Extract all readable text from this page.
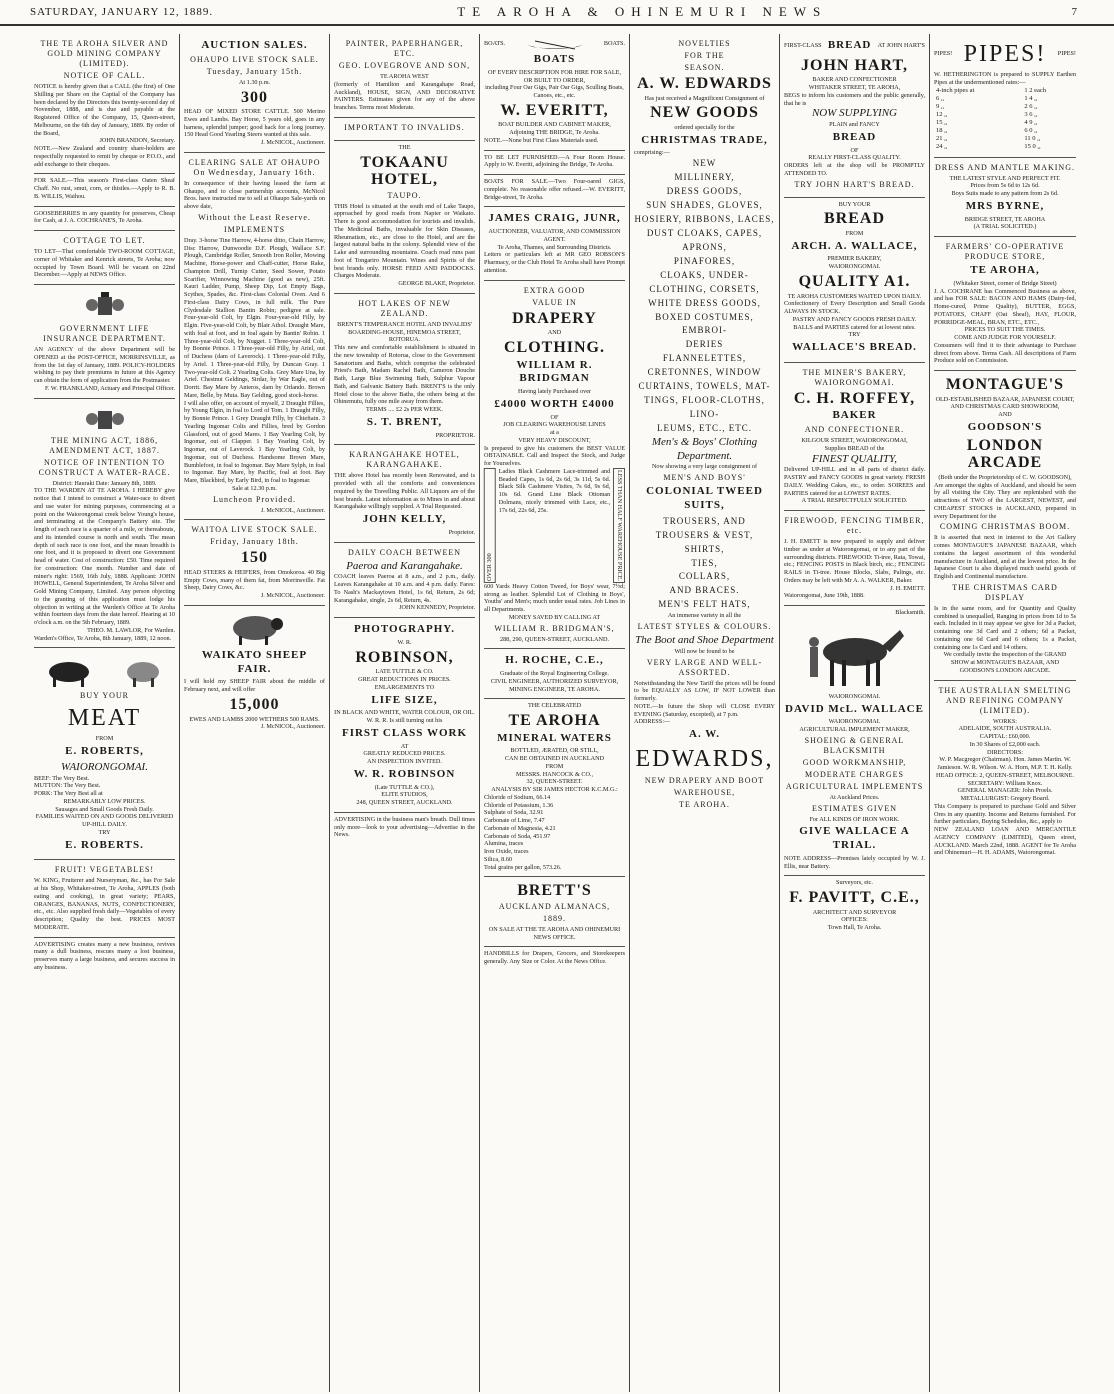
SATURDAY, JANUARY 12, 1889.	TE AROHA & OHINEMURI NEWS	7
THE TE AROHA SILVER AND GOLD MINING COMPANY (LIMITED).
NOTICE OF CALL.

NOTICE is hereby given that a CALL (the first) of One Shilling per Share on the Capital of the Company has been declared by the Directors this twenty-second day of November, 1888, and is due and payable at the Registered Office of the Company, 15, Queen-street, Melbourne, on the 6th day of January, 1889. By order of the Board,

JOHN BRANDON, Secretary.

NOTE.—New Zealand and country share-holders are respectfully requested to remit by cheque or P.O.O., and add exchange to their cheques.

FOR SALE.—This season's First-class Oaten Sheaf Chaff. No rust, smut, corn, or thistles.—Apply to R. B. B. WILLIS, Waihou.

GOOSEBERRIES in any quantity for preserves, Cheap for Cash, at J. A. COCHRANE'S, Te Aroha.

COTTAGE TO LET.

TO LET—That comfortable TWO-ROOM COTTAGE, corner of Whitaker and Kenrick streets, Te Aroha; now occupied by Town Board. Will be vacant on 22nd December.—Apply at NEWS Office.

GOVERNMENT LIFE INSURANCE DEPARTMENT.

AN AGENCY of the above Department will be OPENED at the POST-OFFICE, MORRINSVILLE, as from the 1st day of January, 1889. POLICY-HOLDERS wishing to pay their premiums in future at this Agency can obtain the form of application from the Postmaster.

F. W. FRANKLAND, Actuary and Principal Officer.
THE MINING ACT, 1886, AMENDMENT ACT, 1887.
NOTICE OF INTENTION TO CONSTRUCT A WATER-RACE.
District: Hauraki Date: January 8th, 1889.

TO THE WARDEN AT TE AROHA. I HEREBY give notice that I intend to construct a Water-race to divert and use water for mining purposes, commencing at a point on the Waiorongomai creek below Young's house, and terminating at the Company's Battery site. The length of such race is a quarter of a mile, or thereabouts, and its intended course is north and south. The mean depth of such race is one foot, and the mean breadth is one foot, and it is proposed to divert one Government head of water. Cost of construction: £50. Time required for construction: One month. Number and date of miner's right: 1569, 16th July, 1888. Applicant: JOHN HOWELL, General Superintendent, Te Aroha Silver and Gold Mining Company, Limited. Any person objecting to the granting of this application must lodge his objection in writing at the Warden's Office at Te Aroha within fourteen days from the date hereof. Hearing at 10 o'clock a.m. on the 5th February, 1889.

THEO. M. LAWLOR, For Warden.

Warden's Office, Te Aroha, 8th January, 1889, 12 noon.

BUY YOUR
MEAT
FROM
E. ROBERTS,
WAIORONGOMAI.

BEEF: The Very Best.

MUTTON: The Very Best.

PORK: The Very Best all at

REMARKABLY LOW PRICES.
Sausages and Small Goods Fresh Daily.
FAMILIES WAITED ON AND GOODS DELIVERED UP-HILL DAILY.
TRY
E. ROBERTS.
FRUIT! VEGETABLES!

W. KING, Fruiterer and Nurseryman, &c., has For Sale at his Shop, Whitaker-street, Te Aroha, APPLES (both eating and cooking), in great variety; PEARS, ORANGES, BANANAS, NUTS, CONFECTIONERY, etc., etc. Also supplied fresh daily—Vegetables of every description; Quality the best. PRICES MOST MODERATE.

ADVERTISING creates many a new business, revives many a dull business, rescues many a lost business, preserves many a large business, and secures success in any business.

AUCTION SALES.
OHAUPO LIVE STOCK SALE.
Tuesday, January 15th.
At 1.30 p.m.
300

HEAD OF MIXED STORE CATTLE. 500 Merino Ewes and Lambs. Bay Horse, 5 years old, goes in any harness, splendid jumper; good hack for a long journey. 150 Head Good Yearling Steers wanted at this sale.

J. McNICOL, Auctioneer.
CLEARING SALE AT OHAUPO On Wednesday, January 16th.

In consequence of their having leased the farm at Ohaupo, and to close partnership accounts, McNicol Bros. have instructed me to sell at Ohaupo Sale-yards on above date,

Without the Least Reserve.
IMPLEMENTS

Dray. 3-horse Tine Harrow, 4-horse ditto, Chain Harrow, Disc Harrow, Dunwoodie D.F. Plough, Wallace S.F. Plough, Cambridge Roller, Smooth Iron Roller, Mowing Machine, Horse-power and Chaff-cutter, Horse Rake, Champion Drill, Turnip Cutter, Seed Sower, Potato Scarifier, Winnowing Machine (good as new), 25ft. Kauri Ladder, Pump, Sheep Dip, Lot Empty Bags, Scythes, Spades, &c. First-class Colonial Oven. And 6 First-class Dairy Cows, in full milk. The Pure Clydesdale Stallion Bantin Robin; pedigree at sale. Four-year-old Colt, by Elgin. Four-year-old Filly, by Elgin. Five-year-old Colt, by Blair Athol. Draught Mare, with foal at foot, and in foal again by Bantin' Robin. 1 Three-year-old Colt, by Nugget. 1 Three-year-old Colt, by Bonnie Prince. 1 Three-year-old Filly, by Ariel, out of Duchess (dam of Laverock). 1 Three-year-old Filly, by Ariel. 1 Three-year-old Filly, by Duncan Gray. 1 Two-year-old Colt. 2 Yearling Colts. Grey Mare Una, by Ariel. Chestnut Geldings, Sirdar, by War Eagle, out of Dorrit. Bay Mare by Anteros, dam by Orlando. Brown Mare, Belle, by Muta. Bay Gelding, good stock-horse.

I will also offer, on account of myself, 2 Draught Fillies, by Young Elgin, in foal to Lord of Tom. 1 Draught Filly, by Bonnie Prince. 1 Grey Draught Filly, by Chieftain. 3 Yearling Ingomar Colts and Fillies, bred by Gordon Glassford, out of good Mares. 1 Bay Yearling Colt, by Ingomar, out of Clapper. 1 Bay Yearling Colt, by Ingomar, out of Laverock. 1 Bay Yearling Colt, by Ingomar, out of Duchess. Handsome Brown Mare, Bumblefoot, in foal to Ingomar. Bay Mare Sylph, in foal to Ingomar. Bay Mare, by Pacific, foal at foot. Bay Mare, Blackbird, by Early Bird, in foal to Ingomar.

Sale at 12.30 p.m.
Luncheon Provided.
J. McNICOL, Auctioneer.
WAITOA LIVE STOCK SALE.
Friday, January 18th.
150

HEAD STEERS & HEIFERS, from Omokoroa. 40 Big Empty Cows, many of them fat, from Morrinsville. Fat Sheep, Dairy Cows, &c.

J. McNICOL, Auctioneer.
WAIKATO SHEEP FAIR.

I will hold my SHEEP FAIR about the middle of February next, and will offer

15,000
EWES AND LAMBS 2000 WETHERS 500 RAMS.
J. McNICOL, Auctioneer.
PAINTER, PAPERHANGER, ETC.
GEO. LOVEGROVE AND SON,
TE AROHA WEST

(formerly of Hamilton and Karangahape Road, Auckland), HOUSE, SIGN, AND DECORATIVE PAINTERS. Estimates given for any of the above branches. Terms most Moderate.

IMPORTANT TO INVALIDS.
THE
TOKAANU HOTEL,
TAUPO.

THIS Hotel is situated at the south end of Lake Taupo, approached by good roads from Napier or Waikato. There is good accommodation for tourists and invalids. The Medicinal Baths, invaluable for Skin Diseases, Rheumatism, etc., are close to the Hotel, and are the largest natural baths in the colony. Splendid view of the Lake and surrounding mountains. Coach road runs past foot of Tongariro Mountain. Wines and Spirits of the best brands only. HORSE FEED AND PADDOCKS. Charges Moderate.

GEORGE BLAKE, Proprietor.
HOT LAKES OF NEW ZEALAND.
BRENT'S TEMPERANCE HOTEL AND INVALIDS' BOARDING-HOUSE, HINEMOA STREET, ROTORUA.

This new and comfortable establishment is situated in the new township of Rotorua, close to the Government Sanatorium and Baths, which comprise the celebrated Priest's Bath, Madam Rachel Bath, Cameron Douche Bath, Large Blue Swimming Bath, Sulphur Vapour Bath, and Galvanic Battery Bath. BRENT'S is the only Hotel close to the above Baths, the others being at the Ohinemutu, fully one mile away from them.

TERMS .... £2 2s PER WEEK.
S. T. BRENT,
PROPRIETOR.
KARANGAHAKE HOTEL, KARANGAHAKE.

THE above Hotel has recently been Renovated, and is provided with all the comforts and conveniences required by the Travelling Public. All Liquors are of the best brands. Latest information as to Mines in and about Karangahake willingly supplied. A Trial Requested.

JOHN KELLY,
Proprietor.
DAILY COACH BETWEEN
Paeroa and Karangahake.

COACH leaves Paeroa at 8 a.m., and 2 p.m., daily. Leaves Karangahake at 10 a.m. and 4 p.m. daily. Fares: To Nash's Mackaytown Hotel, 1s 6d, Return, 2s 6d; Karangahake, single, 2s 6d, Return, 4s.

JOHN KENNEDY, Proprietor.
PHOTOGRAPHY.
W. R.
ROBINSON,
LATE TUTTLE & CO.
GREAT REDUCTIONS IN PRICES.
ENLARGEMENTS TO
LIFE SIZE,
IN BLACK AND WHITE, WATER COLOUR, OR OIL.
W. R. R. Is still turning out his
FIRST CLASS WORK
AT
GREATLY REDUCED PRICES.
AN INSPECTION INVITED.
W. R. ROBINSON
(Late TUTTLE & CO.),
ELITE STUDIOS,
248, QUEEN STREET, AUCKLAND.

ADVERTISING in the business man's breath. Dull times only more—look to your advertising—Advertise in the News.

BOATS.	BOATS.
BOATS
OF EVERY DESCRIPTION FOR HIRE FOR SALE, OR BUILT TO ORDER,
including Four Oar Gigs, Pair Oar Gigs, Sculling Boats, Canoes, etc., etc.
W. EVERITT,
BOAT BUILDER AND CABINET MAKER,
Adjoining THE BRIDGE, Te Aroha.

NOTE.—None but First Class Materials used.

TO BE LET FURNISHED.—A Four Room House. Apply to W. Everitt, adjoining the Bridge, Te Aroha.

BOATS FOR SALE.—Two Four-oared GIGS, complete. No reasonable offer refused.—W. EVERITT, Bridge-street, Te Aroha.

JAMES CRAIG, JUNR,
AUCTIONEER, VALUATOR, AND COMMISSION AGENT.
Te Aroha, Thames, and Surrounding Districts.

Letters or particulars left at MR GEO ROBSON'S Pharmacy, or the Club Hotel Te Aroha shall have Prompt attention.

EXTRA GOOD
VALUE IN
DRAPERY
AND
CLOTHING.
WILLIAM R. BRIDGMAN
Having lately Purchased over
£4000 WORTH £4000
OF
JOB CLEARING WAREHOUSE LINES
at a
VERY HEAVY DISCOUNT,

Is prepared to give his customers the BEST VALUE OBTAINABLE. Call and Inspect the Stock, and Judge for Yourselves.

OVER 300

Ladies Black Cashmere Lace-trimmed and Beaded Capes, 1s 6d, 2s 6d, 3s 11d, 5s 6d. Black Silk Cashmere Visites, 7s 6d, 9s 6d, 10s 6d. Grand Line Black Ottoman Dolmans, nicely trimmed with Lace, etc., 17s 6d, 22s 6d, 25s.	LESS THAN HALF WAREHOUSE PRICE.

600 Yards Heavy Cotton Tweed, for Boys' wear, 7½d; strong as leather. Splendid Lot of Clothing in Boys', Youths' and Men's; much under usual rates. Job Lines in all Departments.

MONEY SAVED BY CALLING AT
WILLIAM R. BRIDGMAN'S,
288, 290, QUEEN-STREET, AUCKLAND.
H. ROCHE, C.E.,
Graduate of the Royal Engineering College.
CIVIL ENGINEER, AUTHORIZED SURVEYOR, MINING ENGINEER, TE AROHA.
THE CELEBRATED
TE AROHA
MINERAL WATERS
BOTTLED, ÆRATED, OR STILL,
CAN BE OBTAINED IN AUCKLAND
FROM
MESSRS. HANCOCK & CO.,
32, QUEEN-STREET.
ANALYSIS BY SIR JAMES HECTOR K.C.M.G.:
Chloride of Sodium, 66.14
Chloride of Potassium, 1.36
Sulphate of Soda, 32.91
Carbonate of Lime, 7.47
Carbonate of Magnesia, 4.21
Carbonate of Soda, 451.97
Alumina, traces
Iron Oxide, traces
Silica, 8.60
Total grains per gallon, 573.26.
BRETT'S
AUCKLAND ALMANACS,
1889.
ON SALE AT THE TE AROHA AND OHINEMURI NEWS OFFICE.

HANDBILLS for Drapers, Grocers, and Storekeepers generally. Any Size or Color. At the News Office.

NOVELTIES
FOR THE
SEASON.
A. W. EDWARDS
Has just received a Magnificent Consignment of
NEW GOODS
ordered specially for the
CHRISTMAS TRADE,
comprising:—

NEW

MILLINERY,

DRESS GOODS,

SUN SHADES, GLOVES,

HOSIERY, RIBBONS, LACES,

DUST CLOAKS, CAPES, APRONS,

PINAFORES,

CLOAKS, UNDER-

CLOTHING, CORSETS,

WHITE DRESS GOODS,

BOXED COSTUMES, EMBROI-

DERIES

FLANNELETTES,

CRETONNES, WINDOW

CURTAINS, TOWELS, MAT-

TINGS, FLOOR-CLOTHS, LINO-

LEUMS, ETC., ETC.

Men's & Boys' Clothing Department.
Now showing a very large consignment of
MEN'S AND BOYS'
COLONIAL TWEED SUITS,

TROUSERS, AND

TROUSERS & VEST,

SHIRTS,

TIES,

COLLARS,

AND BRACES.

MEN'S FELT HATS,

An immense variety in all the
LATEST STYLES & COLOURS.
The Boot and Shoe Department
Will now be found to be
VERY LARGE AND WELL-ASSORTED.

Notwithstanding the New Tariff the prices will be found to be EQUALLY AS LOW, IF NOT LOWER than formerly.

NOTE.—In future the Shop will CLOSE EVERY EVENING (Saturday, excepted), at 7 p.m.

ADDRESS:—
A. W.
EDWARDS,
NEW DRAPERY AND BOOT
WAREHOUSE,
TE AROHA.
FIRST-CLASS BREAD AT JOHN HART'S
JOHN HART,
BAKER AND CONFECTIONER
WHITAKER STREET, TE AROHA,

BEGS to inform his customers and the public generally, that he is

NOW SUPPLYING
PLAIN and FANCY
BREAD
OF
REALLY FIRST-CLASS QUALITY.

ORDERS left at the shop will be PROMPTLY ATTENDED TO.

TRY JOHN HART'S BREAD.
BUY YOUR
BREAD
FROM
ARCH. A. WALLACE,
PREMIER BAKERY,
WAIORONGOMAI.
QUALITY A1.
TE AROHA CUSTOMERS WAITED UPON DAILY.

Confectionery of Every Description and Small Goods ALWAYS IN STOCK.

PASTRY AND FANCY GOODS FRESH DAILY.
BALLS and PARTIES catered for at lowest rates.
TRY
WALLACE'S BREAD.
THE MINER'S BAKERY, WAIORONGOMAI.
C. H. ROFFEY,
BAKER
AND CONFECTIONER.
KILGOUR STREET, WAIORONGOMAI,
Supplies BREAD of the
FINEST QUALITY,

Delivered UP-HILL and in all parts of district daily. PASTRY and FANCY GOODS in great variety. FRESH DAILY. Wedding Cakes, etc., to order. SOIREES and PARTIES catered for at LOWEST RATES.

A TRIAL RESPECTFULLY SOLICITED.
FIREWOOD, FENCING TIMBER, etc.

J. H. EMETT is now prepared to supply and deliver timber as under at Waiorongomai, or to any part of the surrounding districts. FIREWOOD: Ti-tree, Rata, Towai, etc.; FENCING POSTS in Black birch, etc.; FENCING RAILS in Ti-tree. House Blocks, Slabs, Palings, etc. Orders may be left with Mr A. A. WALKER, Baker.

J. H. EMETT.
Waiorongomai, June 19th, 1888.
Blacksmith.
WAIORONGOMAI.
DAVID McL. WALLACE
WAIORONGOMAI.
AGRICULTURAL IMPLEMENT MAKER,
SHOEING & GENERAL BLACKSMITH
GOOD WORKMANSHIP,
MODERATE CHARGES
AGRICULTURAL IMPLEMENTS
At Auckland Prices.
ESTIMATES GIVEN
For ALL KINDS OF IRON WORK.
GIVE WALLACE A TRIAL.

NOTE ADDRESS—Premises lately occupied by W. J. Ellis, near Battery.

Surveyors, etc.
F. PAVITT, C.E.,
ARCHITECT AND SURVEYOR
OFFICES:
Town Hall, Te Aroha.
PIPES! PIPES! PIPES!

W. HETHERINGTON is prepared to SUPPLY Earthen Pipes at the undermentioned rates:—

4-inch pipes at	1 2 each
6 ,,	1 4 ,,
9 ,,	2 6 ,,
12 ,,	3 6 ,,
15 ,,	4 9 ,,
18 ,,	6 0 ,,
21 ,,	11 0 ,,
24 ,,	15 0 ,,
DRESS AND MANTLE MAKING.
THE LATEST STYLE AND PERFECT FIT.
Prices from 5s 6d to 12s 6d.
Boys Suits made to any pattern from 2s 6d.
MRS BYRNE,
BRIDGE STREET, TE AROHA
(A TRIAL SOLICITED.)
FARMERS' CO-OPERATIVE PRODUCE STORE,
TE AROHA,
(Whitaker Street, corner of Bridge Street)

J. A. COCHRANE has Commenced Business as above, and has FOR SALE: BACON AND HAMS (Dairy-fed, Home-cured, Prime Quality), BUTTER, EGGS, POTATOES, CHAFF (Oat Sheaf), HAY, FLOUR, PORRIDGE-MEAL, BRAN, ETC., ETC.,

PRICES TO SUIT THE TIMES.
COME AND JUDGE FOR YOURSELF.

Consumers will find it to their advantage to Purchase direct from above. Terms Cash. All descriptions of Farm Produce sold on Commission.

MONTAGUE'S
OLD-ESTABLISHED BAZAAR, JAPANESE COURT, AND CHRISTMAS CARD SHOWROOM,
AND
GOODSON'S
LONDON ARCADE
(Both under the Proprietorship of C. W. GOODSON),

Are amongst the sights of Auckland, and should be seen by all visiting the City. They are replenished with the attractions of TWO of the LARGEST, NEWEST, and CHEAPEST STOCKS in AUCKLAND, prepared in every Department for the

COMING CHRISTMAS BOOM.

It is asserted that next in interest to the Art Gallery comes MONTAGUE'S JAPANESE BAZAAR, which contains the largest assortment of this wonderful manufacture in Auckland, and at the lowest price. In the Japanese Court is also displayed much useful goods of English and Continental manufacture.

THE CHRISTMAS CARD DISPLAY

Is in the same room, and for Quantity and Quality combined is unequalled, Ranging in prices from 1d to 5s each. Included in it may appear we give for 3d a Packet, containing one 3d Card and 2 others; 6d a Packet, containing one 6d Card and 6 others; 1s a Packet, containing one 1s Card and 14 others.

We cordially invite the inspection of the GRAND SHOW at MONTAGUE'S BAZAAR, AND GOODSON'S LONDON ARCADE.

THE AUSTRALIAN SMELTING AND REFINING COMPANY (LIMITED).
WORKS:
ADELAIDE, SOUTH AUSTRALIA.
CAPITAL: £60,000.
In 30 Shares of £2,000 each.
DIRECTORS:

W. P. Macgregor (Chairman). Hon. James Martin. W. Jamieson. W. R. Wilson. W. A. Horn, M.P. T. H. Kelly.

HEAD OFFICE: 2, QUEEN-STREET, MELBOURNE.

SECRETARY: William Knox.

GENERAL MANAGER: John Proels.   METALLURGIST: Gregory Board.

This Company is prepared to purchase Gold and Silver Ores in any quantity. Income and Returns furnished. For further particulars, Buying Schedules, &c., apply to

NEW ZEALAND LOAN AND MERCANTILE AGENCY COMPANY (LIMITED), Queen street, AUCKLAND. March 22nd, 1888. AGENT for Te Aroha and Ohinemuri—H. H. ADAMS, Waiorongomai.
